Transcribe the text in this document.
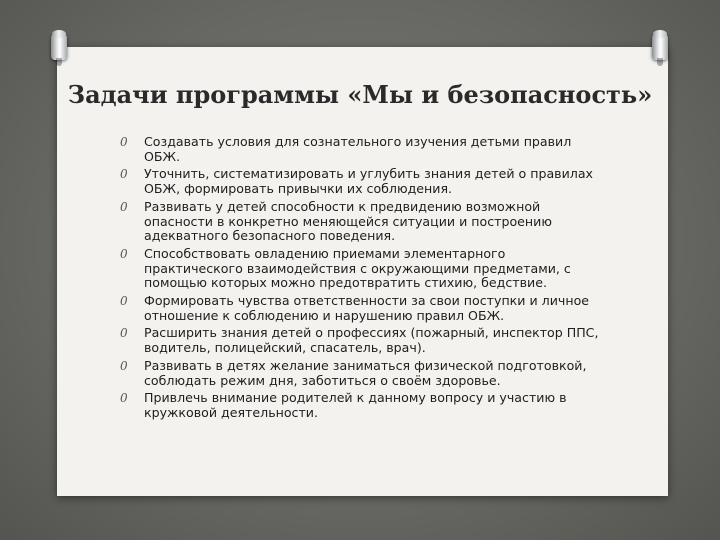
Задачи программы «Мы и безопасность»
0	Создавать условия для сознательного изучения детьми правил ОБЖ.
0	Уточнить, систематизировать и углубить знания детей о правилах ОБЖ, формировать привычки их соблюдения.
0	Развивать у детей способности к предвидению возможной опасности в конкретно меняющейся ситуации и построению адекватного безопасного поведения.
0	Способствовать овладению приемами элементарного практического взаимодействия с окружающими предметами, с помощью которых можно предотвратить стихию, бедствие.
0	Формировать чувства ответственности за свои поступки и личное отношение к соблюдению и нарушению правил ОБЖ.
0	Расширить знания детей о профессиях (пожарный, инспектор ППС, водитель, полицейский, спасатель, врач).
0	Развивать в детях желание заниматься физической подготовкой, соблюдать режим дня, заботиться о своём здоровье.
0	Привлечь внимание родителей к данному вопросу и участию в кружковой деятельности.
